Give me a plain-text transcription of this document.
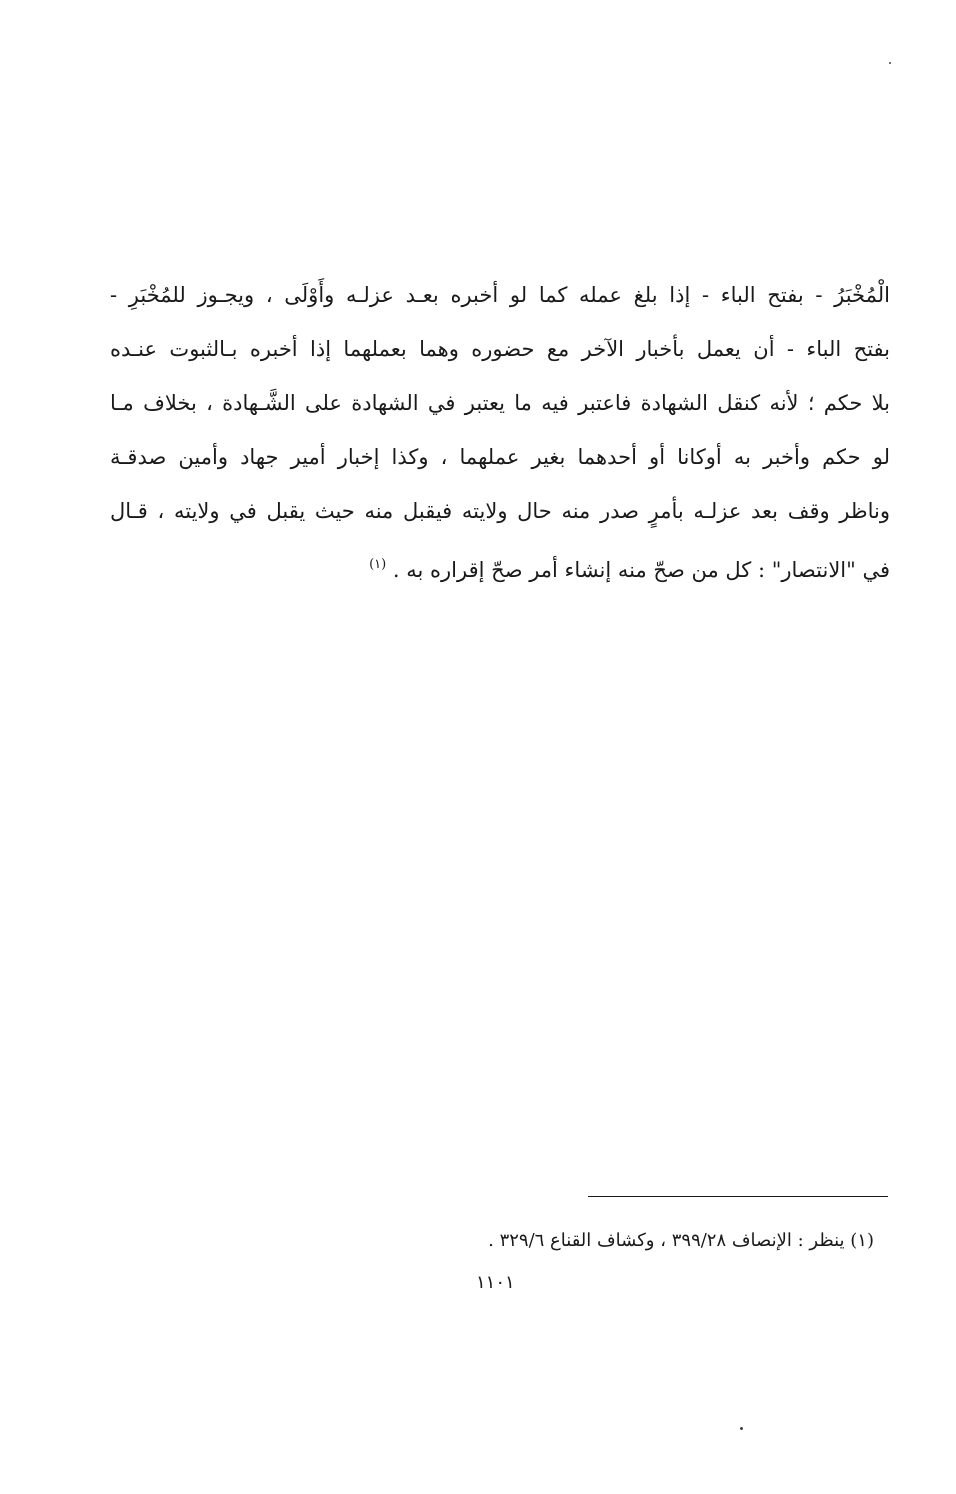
الْمُخْبَرُ - بفتح الباء - إذا بلغ عمله كما لو أخبره بعـد عزلـه وأَوْلَى ، ويجـوز للمُخْبَرِ -
بفتح الباء - أن يعمل بأخبار الآخر مع حضوره وهما بعملهما إذا أخبره بـالثبوت عنـده
بلا حكم ؛ لأنه كنقل الشهادة فاعتبر فيه ما يعتبر في الشهادة على الشَّـهادة ، بخلاف مـا
لو حكم وأخبر به أوكانا أو أحدهما بغير عملهما ، وكذا إخبار أمير جهاد وأمين صدقـة
وناظر وقف بعد عزلـه بأمرٍ صدر منه حال ولايته فيقبل منه حيث يقبل في ولايته ، قـال
في "الانتصار" : كل من صحّ منه إنشاء أمر صحّ إقراره به . $^{(١)}$
(١) ينظر : الإنصاف ٣٩٩/٢٨ ، وكشاف القناع ٣٢٩/٦ .
١١٠١
